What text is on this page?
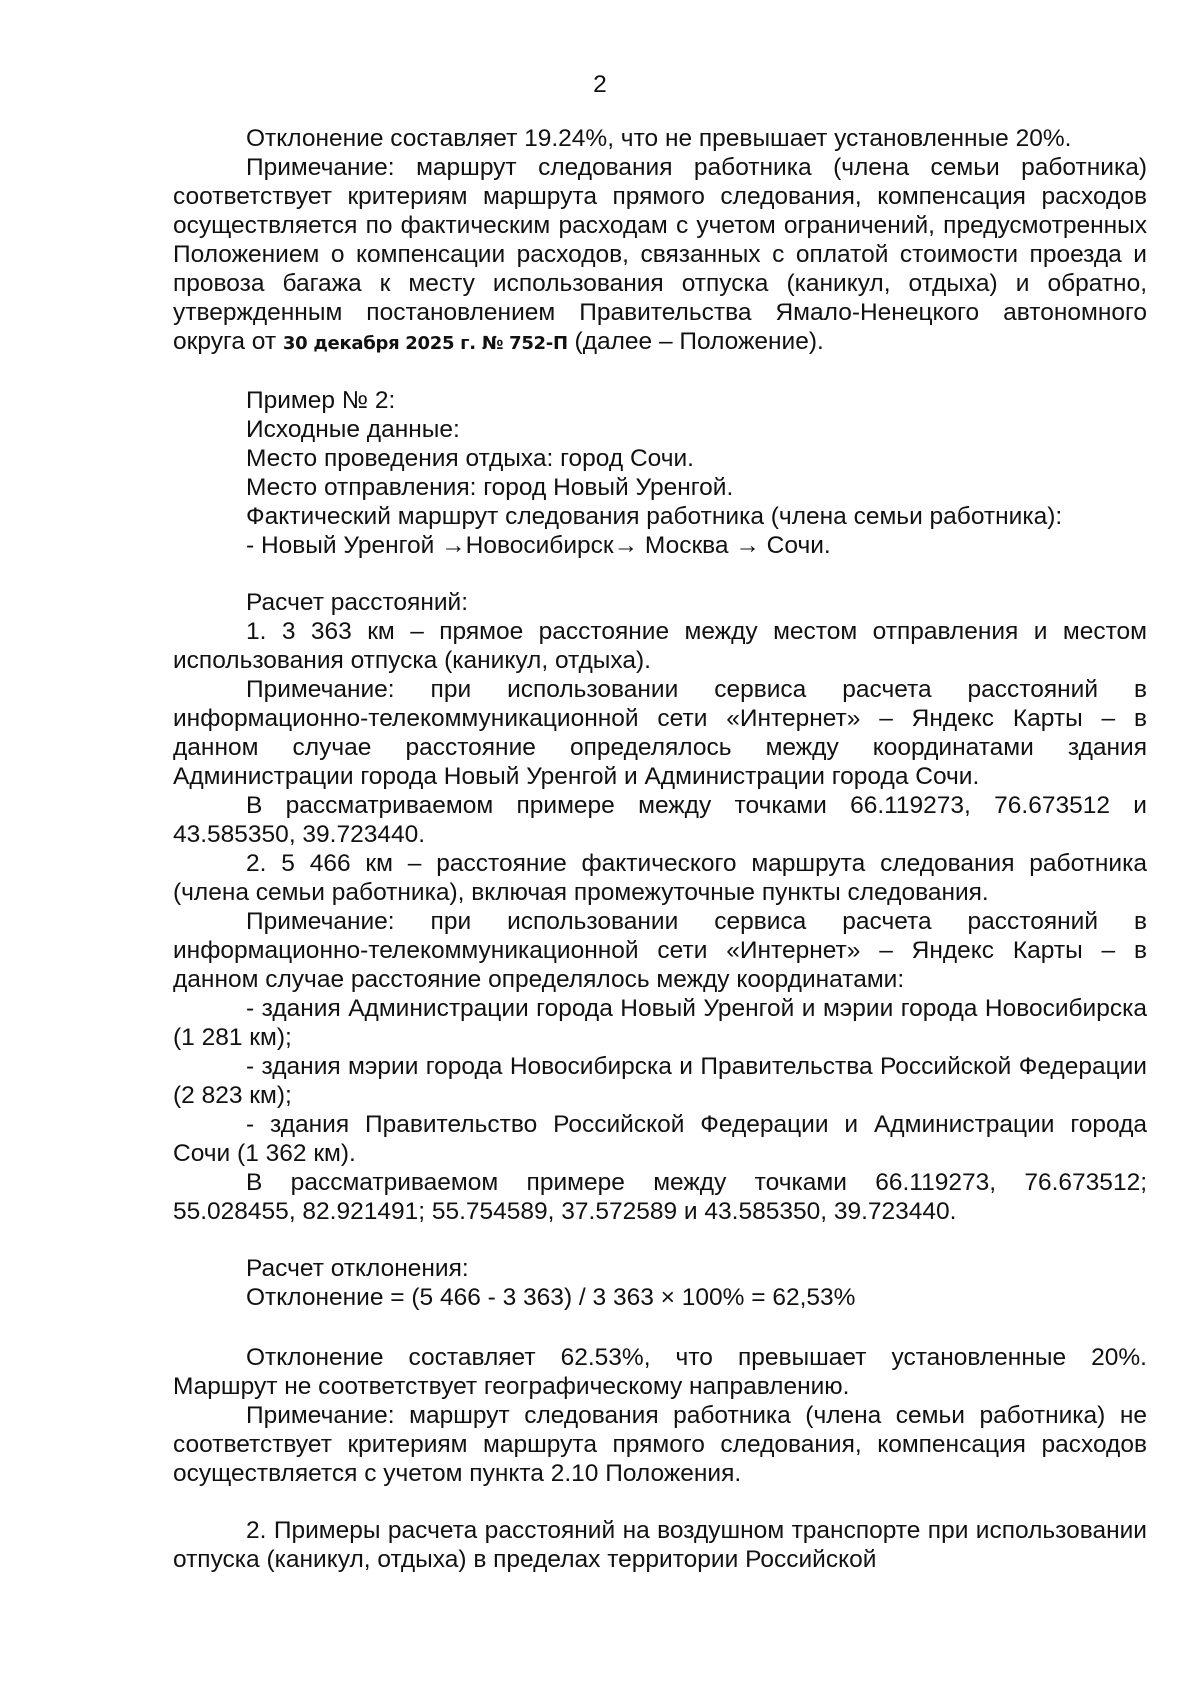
2

Отклонение составляет 19.24%, что не превышает установленные 20%.

Примечание: маршрут следования работника (члена семьи работника) соответствует критериям маршрута прямого следования, компенсация расходов осуществляется по фактическим расходам с учетом ограничений, предусмотренных Положением о компенсации расходов, связанных с оплатой стоимости проезда и провоза багажа к месту использования отпуска (каникул, отдыха) и обратно, утвержденным постановлением Правительства Ямало-Ненецкого автономного округа от 30 декабря 2025 г. № 752-П (далее – Положение).

Пример № 2:

Исходные данные:

Место проведения отдыха: город Сочи.

Место отправления: город Новый Уренгой.

Фактический маршрут следования работника (члена семьи работника):

- Новый Уренгой →Новосибирск→ Москва → Сочи.

Расчет расстояний:

1. 3 363 км – прямое расстояние между местом отправления и местом использования отпуска (каникул, отдыха).

Примечание: при использовании сервиса расчета расстояний в информационно-телекоммуникационной сети «Интернет» – Яндекс Карты – в данном случае расстояние определялось между координатами здания Администрации города Новый Уренгой и Администрации города Сочи.

В рассматриваемом примере между точками 66.119273, 76.673512 и 43.585350, 39.723440.

2. 5 466 км – расстояние фактического маршрута следования работника (члена семьи работника), включая промежуточные пункты следования.

Примечание: при использовании сервиса расчета расстояний в информационно-телекоммуникационной сети «Интернет» – Яндекс Карты – в данном случае расстояние определялось между координатами:

- здания Администрации города Новый Уренгой и мэрии города Новосибирска (1 281 км);

- здания мэрии города Новосибирска и Правительства Российской Федерации (2 823 км);

- здания Правительство Российской Федерации и Администрации города Сочи (1 362 км).

В рассматриваемом примере между точками 66.119273, 76.673512; 55.028455, 82.921491; 55.754589, 37.572589 и 43.585350, 39.723440.

Расчет отклонения:

Отклонение = (5 466 - 3 363) / 3 363 × 100% = 62,53%

Отклонение составляет 62.53%, что превышает установленные 20%. Маршрут не соответствует географическому направлению.

Примечание: маршрут следования работника (члена семьи работника) не соответствует критериям маршрута прямого следования, компенсация расходов осуществляется с учетом пункта 2.10 Положения.

2. Примеры расчета расстояний на воздушном транспорте при использовании отпуска (каникул, отдыха) в пределах территории Российской
